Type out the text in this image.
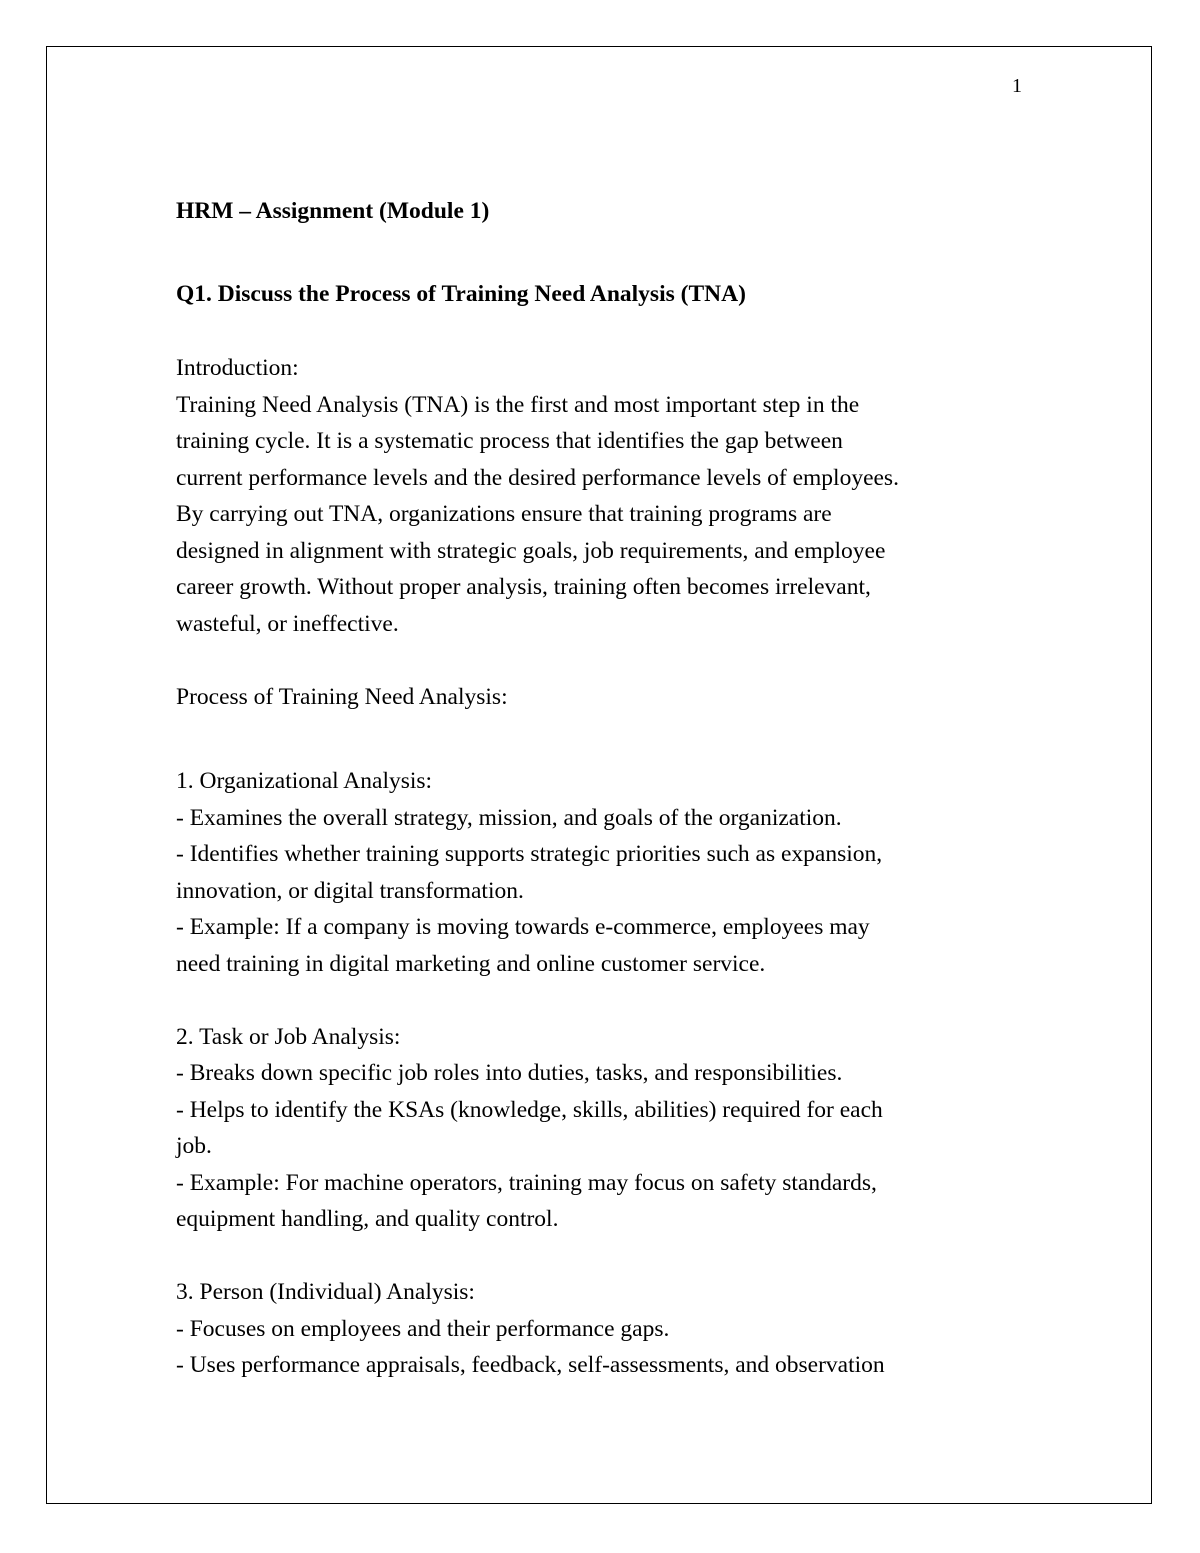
1

HRM – Assignment (Module 1)

Q1. Discuss the Process of Training Need Analysis (TNA)

Introduction:

Training Need Analysis (TNA) is the first and most important step in the

training cycle. It is a systematic process that identifies the gap between

current performance levels and the desired performance levels of employees.

By carrying out TNA, organizations ensure that training programs are

designed in alignment with strategic goals, job requirements, and employee

career growth. Without proper analysis, training often becomes irrelevant,

wasteful, or ineffective.

Process of Training Need Analysis:

1. Organizational Analysis:

- Examines the overall strategy, mission, and goals of the organization.

- Identifies whether training supports strategic priorities such as expansion,

innovation, or digital transformation.

- Example: If a company is moving towards e-commerce, employees may

need training in digital marketing and online customer service.

2. Task or Job Analysis:

- Breaks down specific job roles into duties, tasks, and responsibilities.

- Helps to identify the KSAs (knowledge, skills, abilities) required for each

job.

- Example: For machine operators, training may focus on safety standards,

equipment handling, and quality control.

3. Person (Individual) Analysis:

- Focuses on employees and their performance gaps.

- Uses performance appraisals, feedback, self-assessments, and observation
